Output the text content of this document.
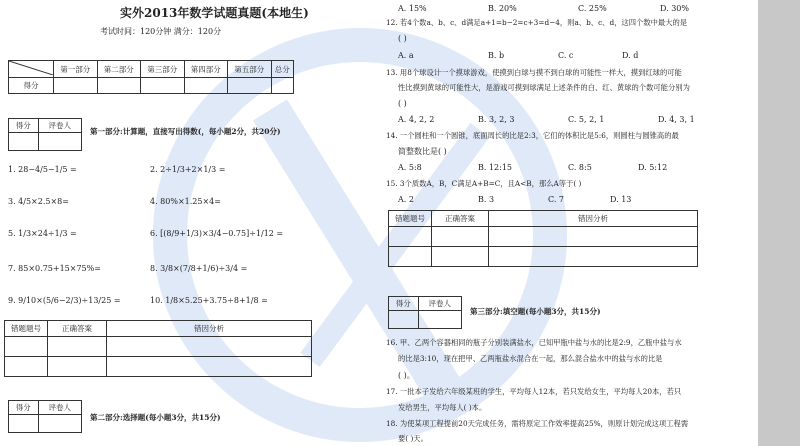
实外2013年数学试题真题(本地生)
考试时间：120分钟 满分：120分
	第一部分	第二部分	第三部分	第四部分	第五部分	总分
得分						
得分	评卷人

第一部分:计算题，直接写出得数(，每小题2分，共20分)
1. 28−4/5−1/5 =	2. 2÷1/3+2×1/3 =
3. 4/5×2.5×8=	4. 80%×1.25×4=
5. 1/3×24÷1/3 =	6. [(8/9+1/3)×3/4−0.75]÷1/12 =
7. 85×0.75+15×75%=	8. 3/8×(7/8+1/6)÷3/4 =
9. 9/10×(5/6−2/3)÷13/25 =	10. 1/8×5.25+3.75÷8+1/8 =
错题题号	正确答案	错因分析

得分	评卷人

第二部分:选择题(每小题3分，共15分)
A. 15%	B. 20%	C. 25%	D. 30%
12. 若4个数a、b、c、d满足a+1=b−2=c+3=d−4，则a、b、c、d，这四个数中最大的是
( )
A. a	B. b	C. c	D. d
13. 用8个球设计一个摸球游戏，使摸到白球与摸不到白球的可能性一样大，摸到红球的可能
性比摸到黄球的可能性大，是游戏可摸到球满足上述条件的白、红、黄球的个数可能分别为
( )
A. 4, 2, 2	B. 3, 2, 3	C. 5, 2, 1	D. 4, 3, 1
14. 一个圆柱和一个圆锥，底面周长的比是2:3，它们的体积比是5:6，则圆柱与圆锥高的最
简整数比是( )
A. 5:8	B. 12:15	C. 8:5	D. 5:12
15. 3个质数A，B，C满足A+B=C，且A<B，那么A等于( )
A. 2	B. 3	C. 7	D. 13
错题题号	正确答案	错因分析

得分	评卷人

第三部分:填空题(每小题3分，共15分)
16. 甲、乙两个容器相同的瓶子分别装满盐水，已知甲瓶中盐与水的比是2:9，乙瓶中盐与水
的比是3:10，现在把甲、乙两瓶盐水混合在一起，那么混合盐水中的盐与水的比是
( )。
17. 一批本子发给六年级某班的学生，平均每人12本，若只发给女生，平均每人20本，若只
发给男生，平均每人( )本。
18. 为使某项工程提前20天完成任务，需将原定工作效率提高25%，则原计划完成这项工程需
要( )天。
